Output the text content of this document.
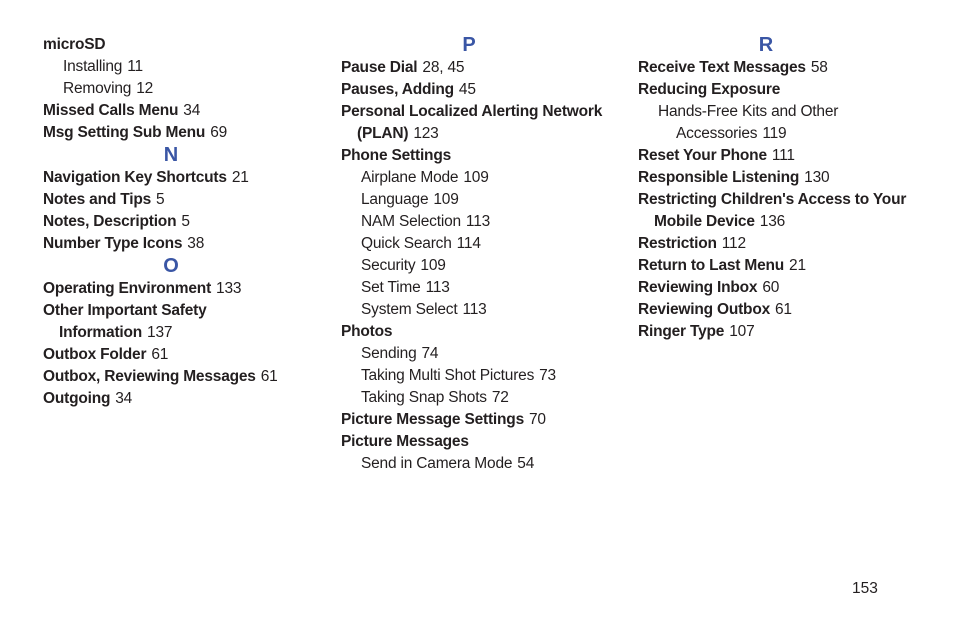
microSD
Installing 11
Removing 12
Missed Calls Menu 34
Msg Setting Sub Menu 69
N
Navigation Key Shortcuts 21
Notes and Tips 5
Notes, Description 5
Number Type Icons 38
O
Operating Environment 133
Other Important Safety
Information 137
Outbox Folder 61
Outbox, Reviewing Messages 61
Outgoing 34
P
Pause Dial 28, 45
Pauses, Adding 45
Personal Localized Alerting Network
(PLAN) 123
Phone Settings
Airplane Mode 109
Language 109
NAM Selection 113
Quick Search 114
Security 109
Set Time 113
System Select 113
Photos
Sending 74
Taking Multi Shot Pictures 73
Taking Snap Shots 72
Picture Message Settings 70
Picture Messages
Send in Camera Mode 54
R
Receive Text Messages 58
Reducing Exposure
Hands-Free Kits and Other
Accessories 119
Reset Your Phone 111
Responsible Listening 130
Restricting Children's Access to Your
Mobile Device 136
Restriction 112
Return to Last Menu 21
Reviewing Inbox 60
Reviewing Outbox 61
Ringer Type 107
153
